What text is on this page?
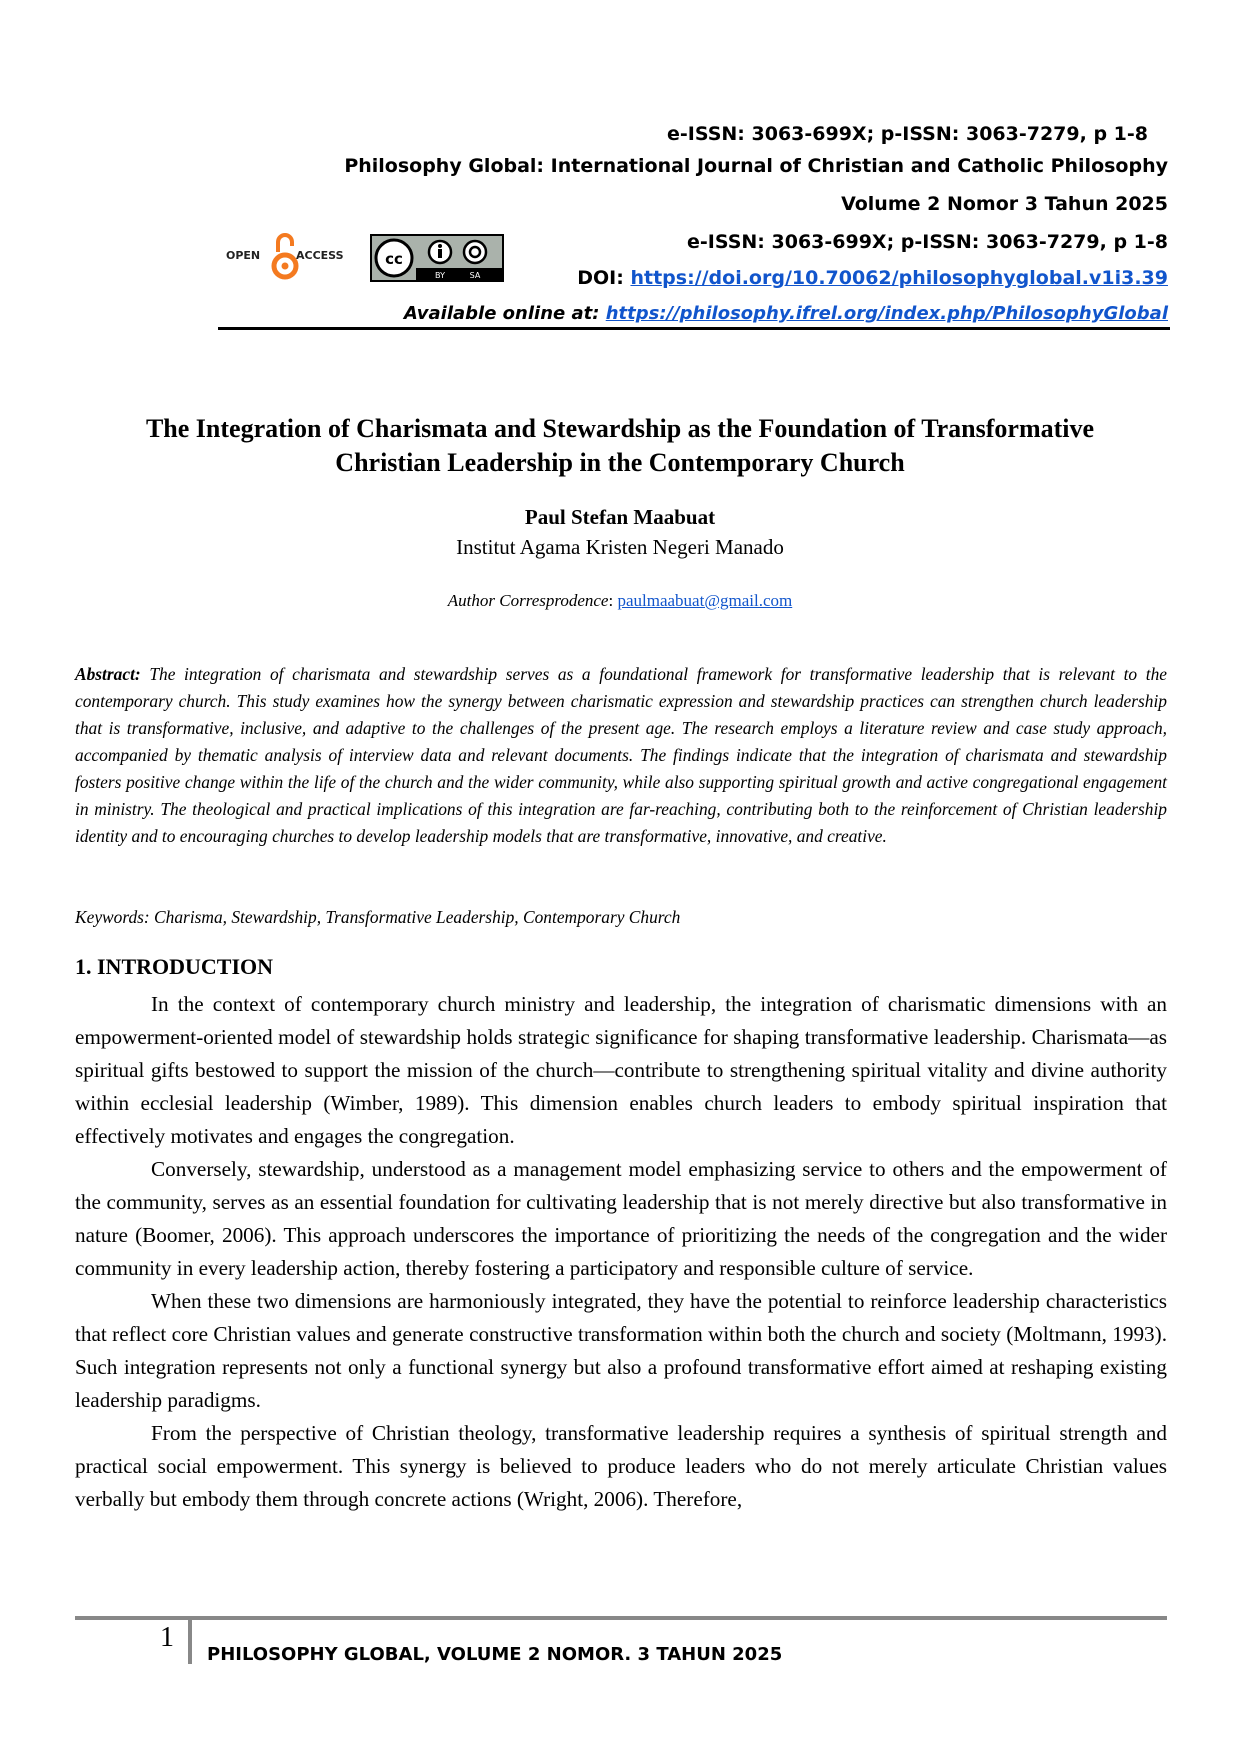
e-ISSN: 3063-699X; p-ISSN: 3063-7279, p 1-8
Philosophy Global: International Journal of Christian and Catholic Philosophy
Volume 2 Nomor 3 Tahun 2025
e-ISSN: 3063-699X; p-ISSN: 3063-7279, p 1-8
DOI: https://doi.org/10.70062/philosophyglobal.v1i3.39
Available online at: https://philosophy.ifrel.org/index.php/PhilosophyGlobal
OPEN	ACCESS	cc
BY	SA
The Integration of Charismata and Stewardship as the Foundation of Transformative
Christian Leadership in the Contemporary Church
Paul Stefan Maabuat
Institut Agama Kristen Negeri Manado
Author Corresprodence: paulmaabuat@gmail.com
Abstract: The integration of charismata and stewardship serves as a foundational framework for transformative leadership that is relevant to the contemporary church. This study examines how the synergy between charismatic expression and stewardship practices can strengthen church leadership that is transformative, inclusive, and adaptive to the challenges of the present age. The research employs a literature review and case study approach, accompanied by thematic analysis of interview data and relevant documents. The findings indicate that the integration of charismata and stewardship fosters positive change within the life of the church and the wider community, while also supporting spiritual growth and active congregational engagement in ministry. The theological and practical implications of this integration are far-reaching, contributing both to the reinforcement of Christian leadership identity and to encouraging churches to develop leadership models that are transformative, innovative, and creative.
Keywords: Charisma, Stewardship, Transformative Leadership, Contemporary Church
1. INTRODUCTION

In the context of contemporary church ministry and leadership, the integration of charismatic dimensions with an empowerment-oriented model of stewardship holds strategic significance for shaping transformative leadership. Charismata—as spiritual gifts bestowed to support the mission of the church—contribute to strengthening spiritual vitality and divine authority within ecclesial leadership (Wimber, 1989). This dimension enables church leaders to embody spiritual inspiration that effectively motivates and engages the congregation.

Conversely, stewardship, understood as a management model emphasizing service to others and the empowerment of the community, serves as an essential foundation for cultivating leadership that is not merely directive but also transformative in nature (Boomer, 2006). This approach underscores the importance of prioritizing the needs of the congregation and the wider community in every leadership action, thereby fostering a participatory and responsible culture of service.

When these two dimensions are harmoniously integrated, they have the potential to reinforce leadership characteristics that reflect core Christian values and generate constructive transformation within both the church and society (Moltmann, 1993). Such integration represents not only a functional synergy but also a profound transformative effort aimed at reshaping existing leadership paradigms.

From the perspective of Christian theology, transformative leadership requires a synthesis of spiritual strength and practical social empowerment. This synergy is believed to produce leaders who do not merely articulate Christian values verbally but embody them through concrete actions (Wright, 2006). Therefore,

1
PHILOSOPHY GLOBAL, VOLUME 2 NOMOR. 3 TAHUN 2025
